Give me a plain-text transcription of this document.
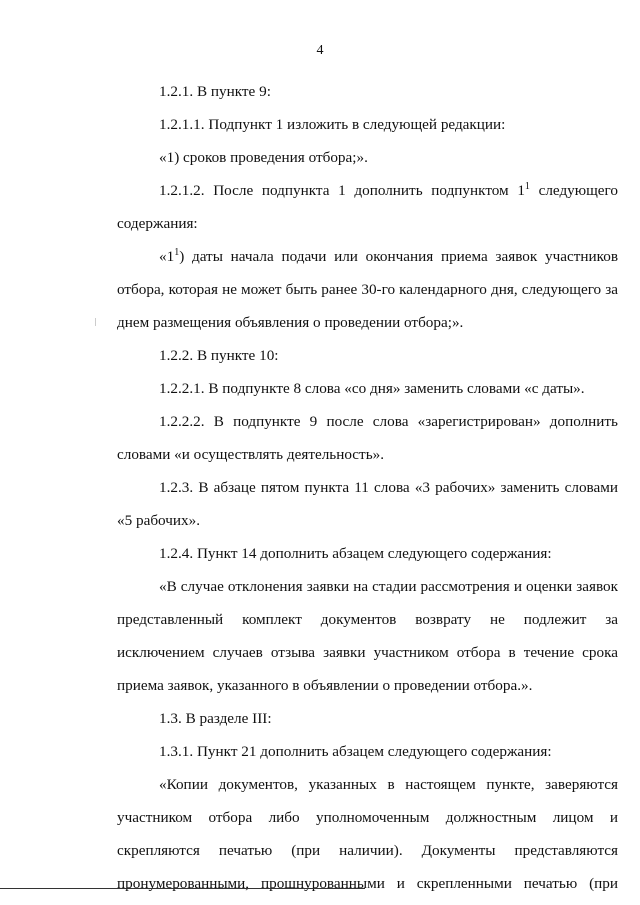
4

1.2.1. В пункте 9:

1.2.1.1. Подпункт 1 изложить в следующей редакции:

«1) сроков проведения отбора;».

1.2.1.2. После подпункта 1 дополнить подпунктом $1^1$ следующего содержания:

«$1^1$) даты начала подачи или окончания приема заявок участников отбора, которая не может быть ранее 30-го календарного дня, следующего за днем размещения объявления о проведении отбора;».

1.2.2. В пункте 10:

1.2.2.1. В подпункте 8 слова «со дня» заменить словами «с даты».

1.2.2.2. В подпункте 9 после слова «зарегистрирован» дополнить словами «и осуществлять деятельность».

1.2.3. В абзаце пятом пункта 11 слова «3 рабочих» заменить словами «5 рабочих».

1.2.4. Пункт 14 дополнить абзацем следующего содержания:

«В случае отклонения заявки на стадии рассмотрения и оценки заявок представленный комплект документов возврату не подлежит за исключением случаев отзыва заявки участником отбора в течение срока приема заявок, указанного в объявлении о проведении отбора.».

1.3. В разделе III:

1.3.1. Пункт 21 дополнить абзацем следующего содержания:

«Копии документов, указанных в настоящем пункте, заверяются участником отбора либо уполномоченным должностным лицом и скрепляются печатью (при наличии). Документы представляются пронумерованными, прошнурованными и скрепленными печатью (при
